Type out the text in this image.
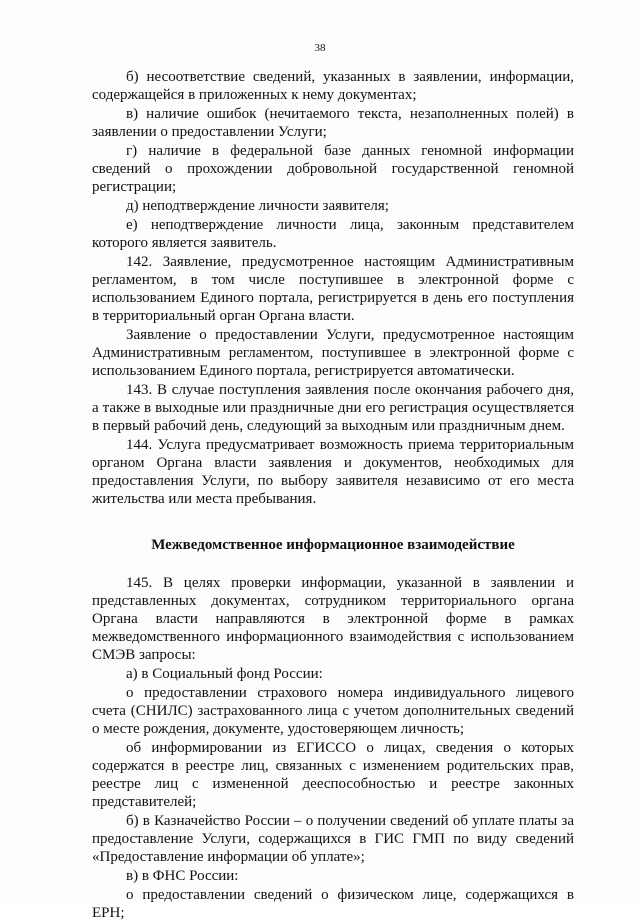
38

б) несоответствие сведений, указанных в заявлении, информации, содержащейся в приложенных к нему документах;

в) наличие ошибок (нечитаемого текста, незаполненных полей) в заявлении о предоставлении Услуги;

г) наличие в федеральной базе данных геномной информации сведений о прохождении добровольной государственной геномной регистрации;

д) неподтверждение личности заявителя;

е) неподтверждение личности лица, законным представителем которого является заявитель.

142. Заявление, предусмотренное настоящим Административным регламентом, в том числе поступившее в электронной форме с использованием Единого портала, регистрируется в день его поступления в территориальный орган Органа власти.

Заявление о предоставлении Услуги, предусмотренное настоящим Административным регламентом, поступившее в электронной форме с использованием Единого портала, регистрируется автоматически.

143. В случае поступления заявления после окончания рабочего дня, а также в выходные или праздничные дни его регистрация осуществляется в первый рабочий день, следующий за выходным или праздничным днем.

144. Услуга предусматривает возможность приема территориальным органом Органа власти заявления и документов, необходимых для предоставления Услуги, по выбору заявителя независимо от его места жительства или места пребывания.

Межведомственное информационное взаимодействие

145. В целях проверки информации, указанной в заявлении и представленных документах, сотрудником территориального органа Органа власти направляются в электронной форме в рамках межведомственного информационного взаимодействия с использованием СМЭВ запросы:

а) в Социальный фонд России:

о предоставлении страхового номера индивидуального лицевого счета (СНИЛС) застрахованного лица с учетом дополнительных сведений о месте рождения, документе, удостоверяющем личность;

об информировании из ЕГИССО о лицах, сведения о которых содержатся в реестре лиц, связанных с изменением родительских прав, реестре лиц с измененной дееспособностью и реестре законных представителей;

б) в Казначейство России – о получении сведений об уплате платы за предоставление Услуги, содержащихся в ГИС ГМП по виду сведений «Предоставление информации об уплате»;

в) в ФНС России:

о предоставлении сведений о физическом лице, содержащихся в ЕРН;
